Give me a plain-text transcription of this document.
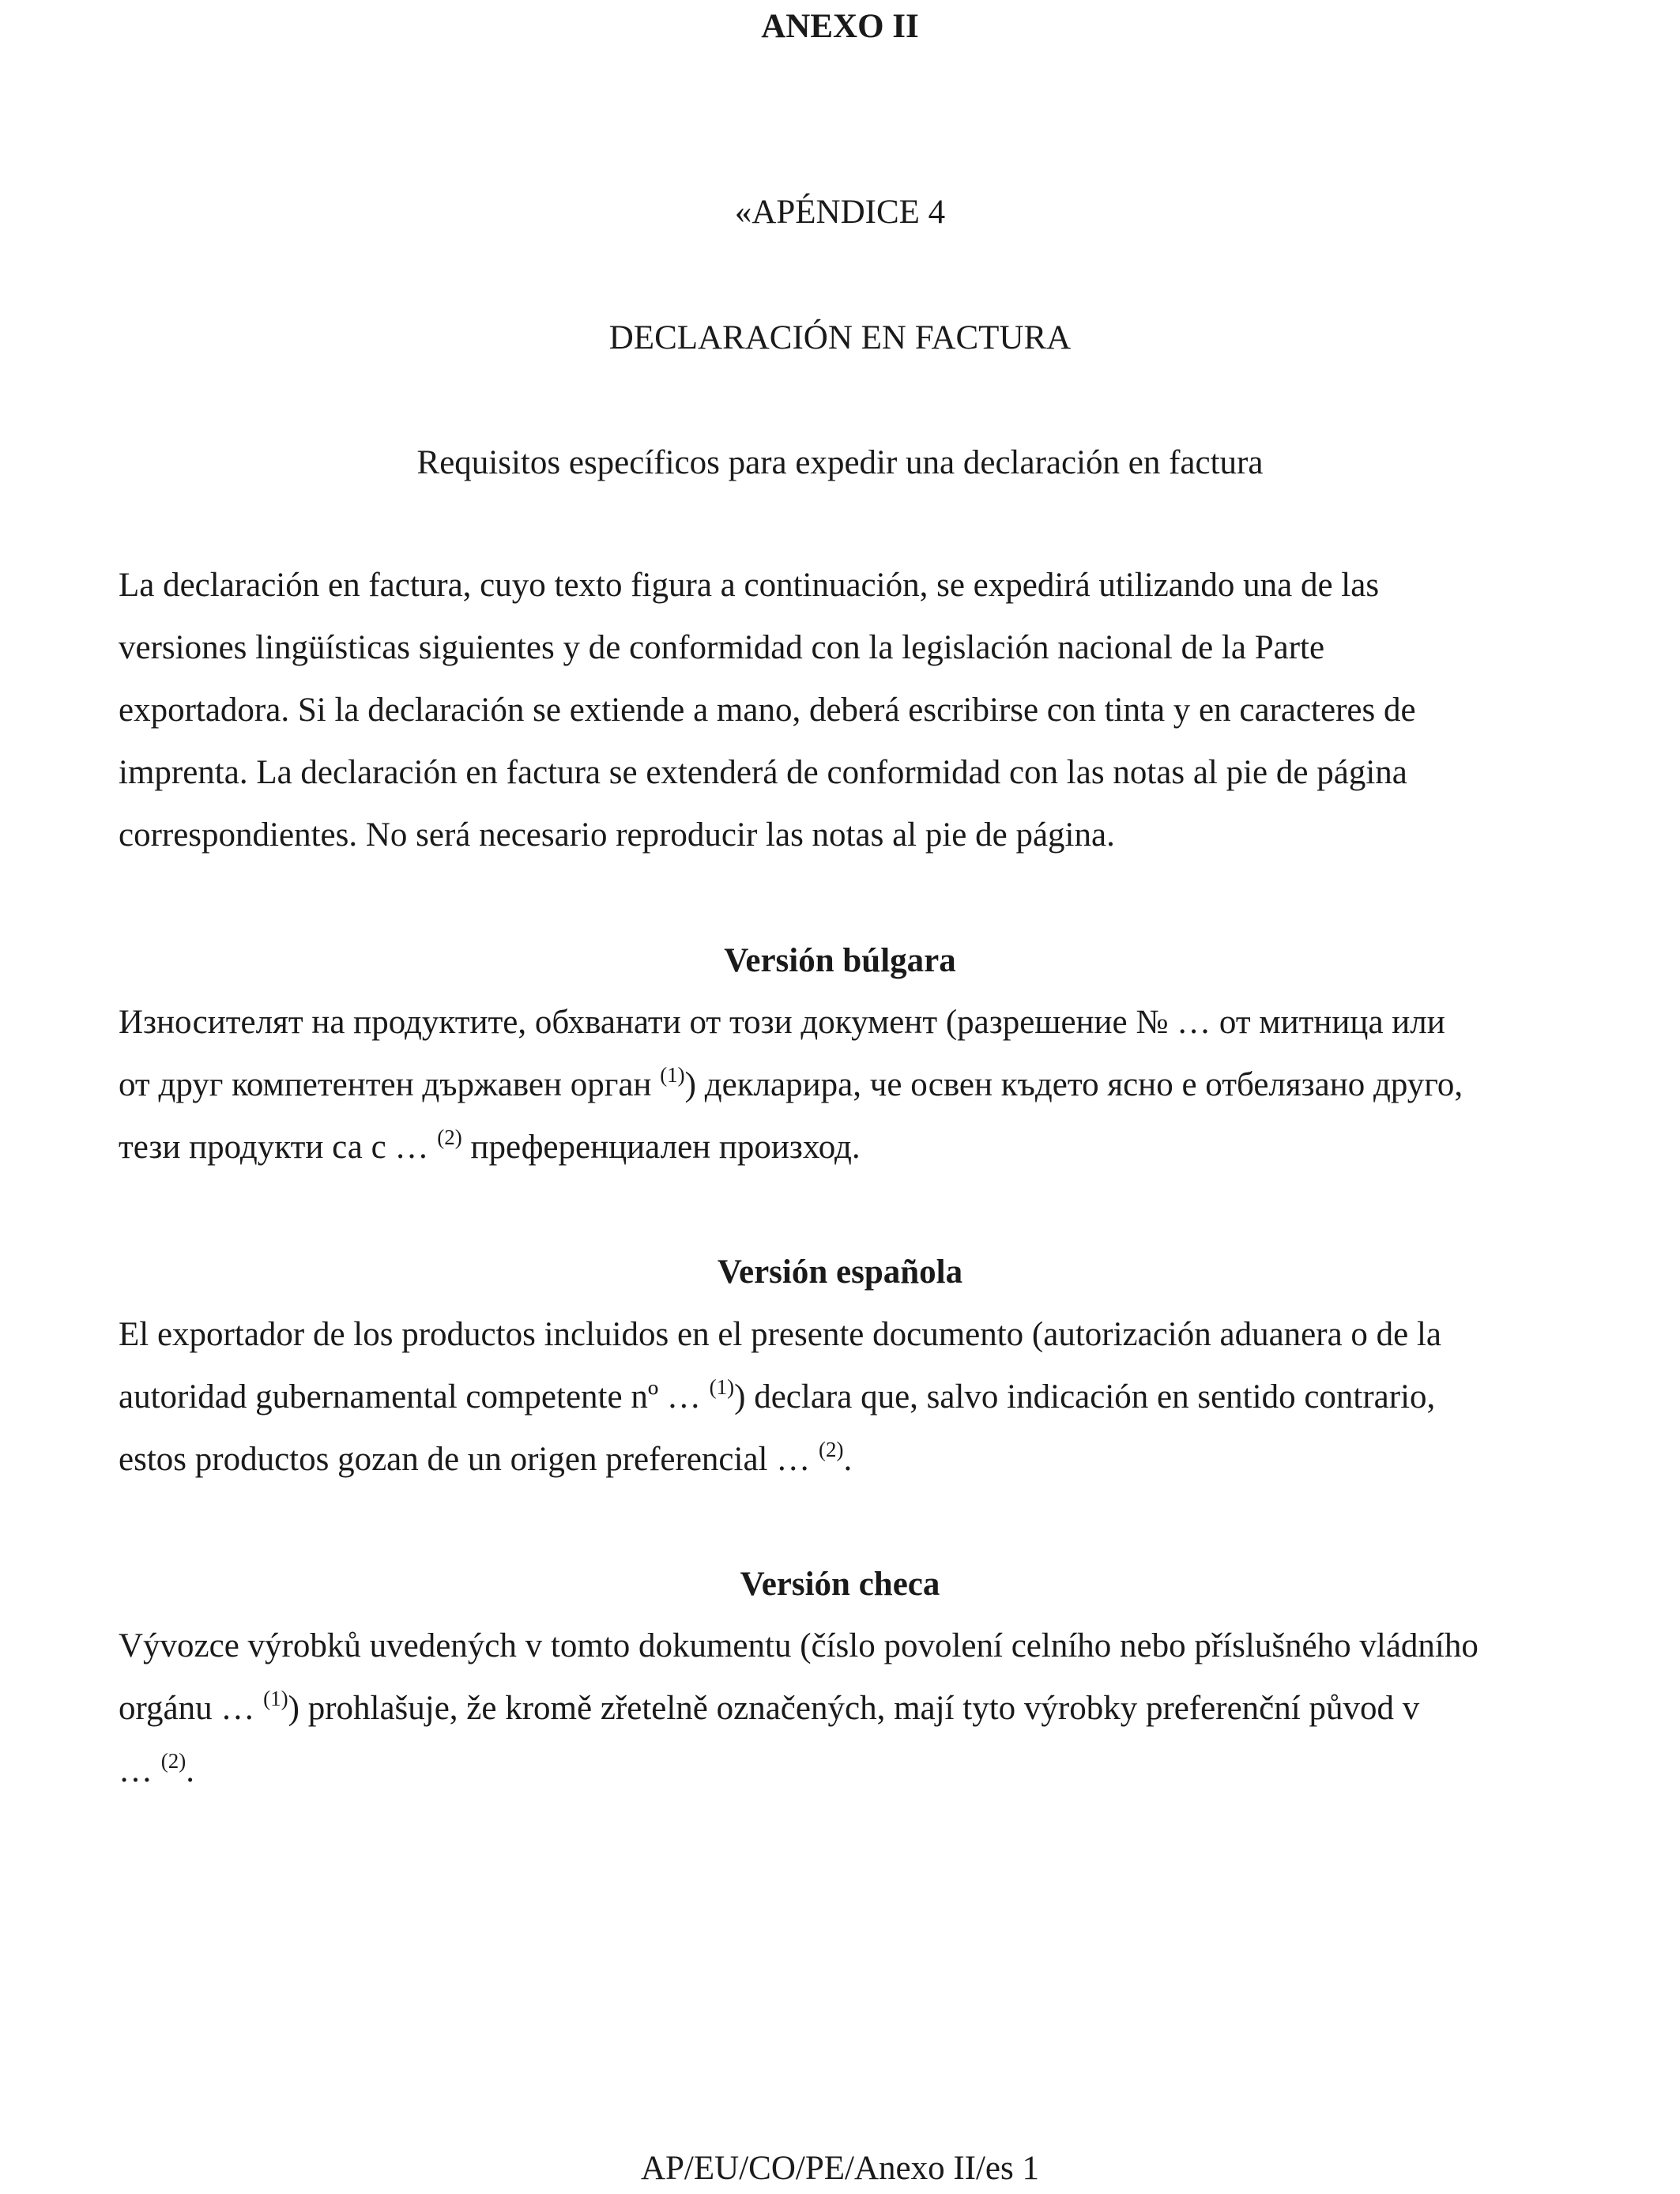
ANEXO II

«APÉNDICE 4

DECLARACIÓN EN FACTURA

Requisitos específicos para expedir una declaración en factura

La declaración en factura, cuyo texto figura a continuación, se expedirá utilizando una de las

versiones lingüísticas siguientes y de conformidad con la legislación nacional de la Parte

exportadora. Si la declaración se extiende a mano, deberá escribirse con tinta y en caracteres de

imprenta. La declaración en factura se extenderá de conformidad con las notas al pie de página

correspondientes. No será necesario reproducir las notas al pie de página.

Versión búlgara

Износителят на продуктите, обхванати от този документ (разрешение № … от митница или

от друг компетентен държавен орган $^{(1)}$) декларира, че освен където ясно е отбелязано друго,

тези продукти са с … $^{(2)}$ преференциален произход.

Versión española

El exportador de los productos incluidos en el presente documento (autorización aduanera o de la

autoridad gubernamental competente nº … $^{(1)}$) declara que, salvo indicación en sentido contrario,

estos productos gozan de un origen preferencial … $^{(2)}$.

Versión checa

Vývozce výrobků uvedených v tomto dokumentu (číslo povolení celního nebo příslušného vládního

orgánu … $^{(1)}$) prohlašuje, že kromě zřetelně označených, mají tyto výrobky preferenční původ v

… $^{(2)}$.

AP/EU/CO/PE/Anexo II/es 1
